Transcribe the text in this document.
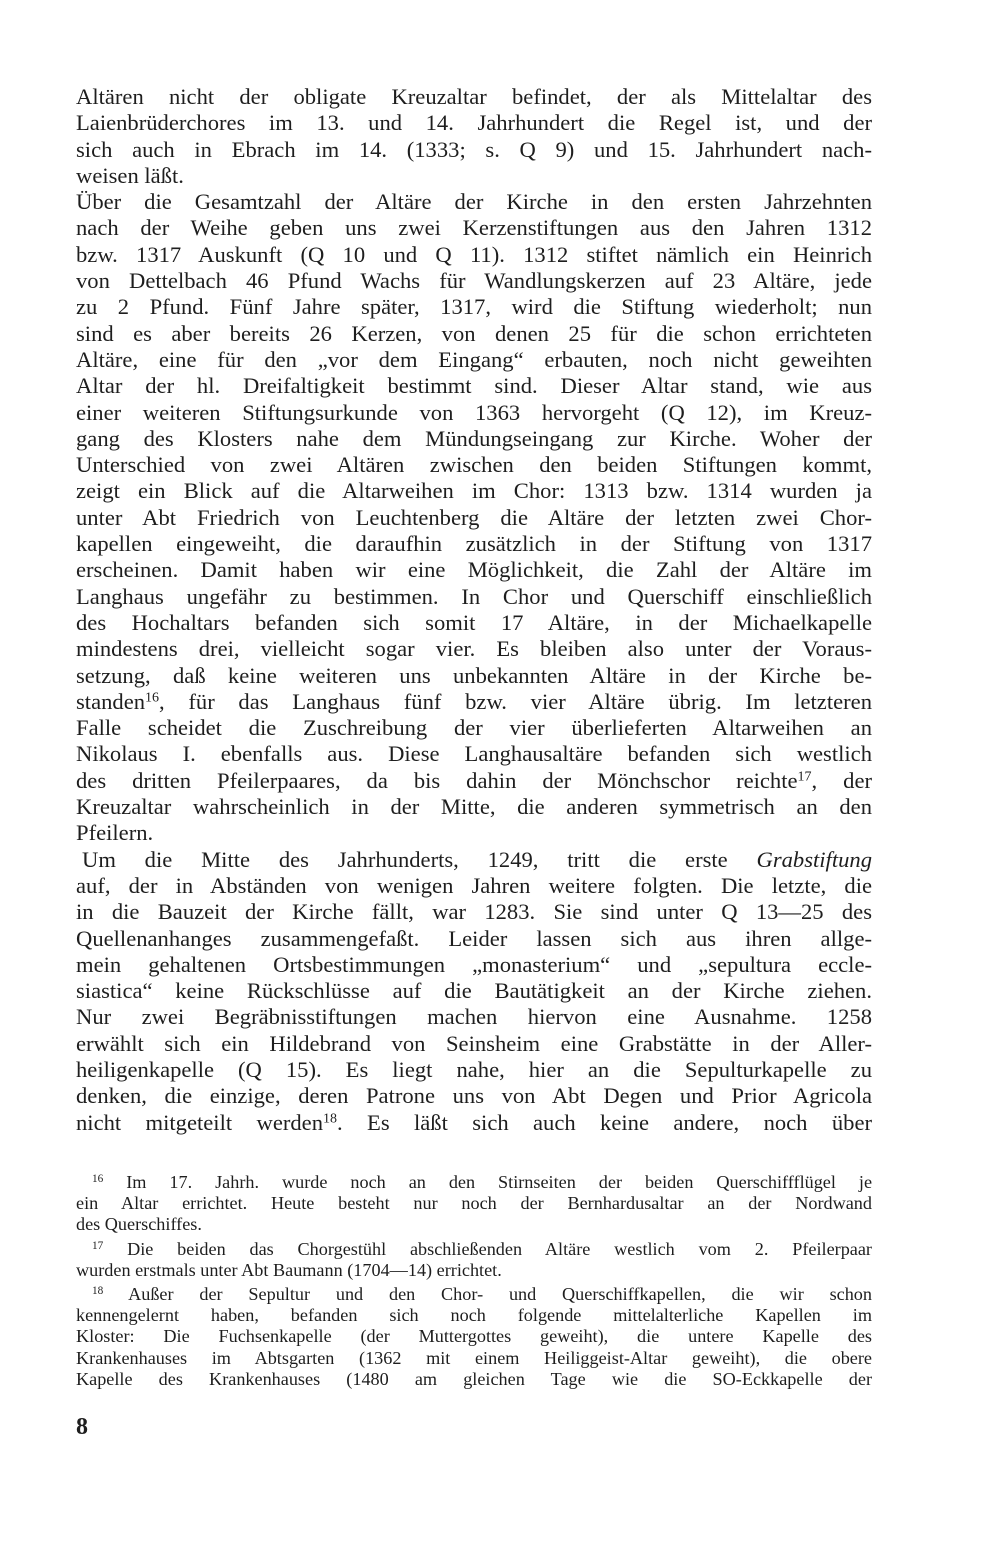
Altären nicht der obligate Kreuzaltar befindet, der als Mittelaltar des
Laienbrüderchores im 13. und 14. Jahrhundert die Regel ist, und der
sich auch in Ebrach im 14. (1333; s. Q 9) und 15. Jahrhundert nach-
weisen läßt.
Über die Gesamtzahl der Altäre der Kirche in den ersten Jahrzehnten
nach der Weihe geben uns zwei Kerzenstiftungen aus den Jahren 1312
bzw. 1317 Auskunft (Q 10 und Q 11). 1312 stiftet nämlich ein Heinrich
von Dettelbach 46 Pfund Wachs für Wandlungskerzen auf 23 Altäre, jede
zu 2 Pfund. Fünf Jahre später, 1317, wird die Stiftung wiederholt; nun
sind es aber bereits 26 Kerzen, von denen 25 für die schon errichteten
Altäre, eine für den „vor dem Eingang“ erbauten, noch nicht geweihten
Altar der hl. Dreifaltigkeit bestimmt sind. Dieser Altar stand, wie aus
einer weiteren Stiftungsurkunde von 1363 hervorgeht (Q 12), im Kreuz-
gang des Klosters nahe dem Mündungseingang zur Kirche. Woher der
Unterschied von zwei Altären zwischen den beiden Stiftungen kommt,
zeigt ein Blick auf die Altarweihen im Chor: 1313 bzw. 1314 wurden ja
unter Abt Friedrich von Leuchtenberg die Altäre der letzten zwei Chor-
kapellen eingeweiht, die daraufhin zusätzlich in der Stiftung von 1317
erscheinen. Damit haben wir eine Möglichkeit, die Zahl der Altäre im
Langhaus ungefähr zu bestimmen. In Chor und Querschiff einschließlich
des Hochaltars befanden sich somit 17 Altäre, in der Michaelkapelle
mindestens drei, vielleicht sogar vier. Es bleiben also unter der Voraus-
setzung, daß keine weiteren uns unbekannten Altäre in der Kirche be-
standen$^{16}$, für das Langhaus fünf bzw. vier Altäre übrig. Im letzteren
Falle scheidet die Zuschreibung der vier überlieferten Altarweihen an
Nikolaus I. ebenfalls aus. Diese Langhausaltäre befanden sich westlich
des dritten Pfeilerpaares, da bis dahin der Mönchschor reichte$^{17}$, der
Kreuzaltar wahrscheinlich in der Mitte, die anderen symmetrisch an den
Pfeilern.
Um die Mitte des Jahrhunderts, 1249, tritt die erste Grabstiftung
auf, der in Abständen von wenigen Jahren weitere folgten. Die letzte, die
in die Bauzeit der Kirche fällt, war 1283. Sie sind unter Q 13—25 des
Quellenanhanges zusammengefaßt. Leider lassen sich aus ihren allge-
mein gehaltenen Ortsbestimmungen „monasterium“ und „sepultura eccle-
siastica“ keine Rückschlüsse auf die Bautätigkeit an der Kirche ziehen.
Nur zwei Begräbnisstiftungen machen hiervon eine Ausnahme. 1258
erwählt sich ein Hildebrand von Seinsheim eine Grabstätte in der Aller-
heiligenkapelle (Q 15). Es liegt nahe, hier an die Sepulturkapelle zu
denken, die einzige, deren Patrone uns von Abt Degen und Prior Agricola
nicht mitgeteilt werden$^{18}$. Es läßt sich auch keine andere, noch über
$^{16}$ Im 17. Jahrh. wurde noch an den Stirnseiten der beiden Querschiffflügel je
ein Altar errichtet. Heute besteht nur noch der Bernhardusaltar an der Nordwand
des Querschiffes.
$^{17}$ Die beiden das Chorgestühl abschließenden Altäre westlich vom 2. Pfeilerpaar
wurden erstmals unter Abt Baumann (1704—14) errichtet.
$^{18}$ Außer der Sepultur und den Chor- und Querschiffkapellen, die wir schon
kennengelernt haben, befanden sich noch folgende mittelalterliche Kapellen im
Kloster: Die Fuchsenkapelle (der Muttergottes geweiht), die untere Kapelle des
Krankenhauses im Abtsgarten (1362 mit einem Heiliggeist-Altar geweiht), die obere
Kapelle des Krankenhauses (1480 am gleichen Tage wie die SO-Eckkapelle der
8
